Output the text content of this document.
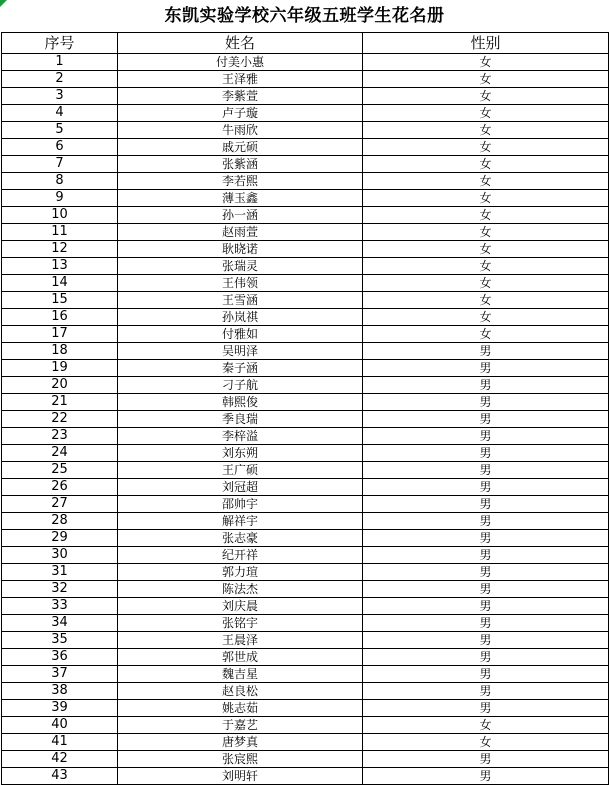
东凯实验学校六年级五班学生花名册
序号	姓名	性别
1	付美小惠	女
2	王泽雅	女
3	李紫萱	女
4	卢子璇	女
5	牛雨欣	女
6	戚元硕	女
7	张紫涵	女
8	李若熙	女
9	薄玉鑫	女
10	孙一涵	女
11	赵雨萱	女
12	耿晓诺	女
13	张瑞灵	女
14	王伟领	女
15	王雪涵	女
16	孙岚祺	女
17	付雅如	女
18	吴明泽	男
19	秦子涵	男
20	刁子航	男
21	韩熙俊	男
22	季良瑞	男
23	李梓溢	男
24	刘东朔	男
25	王广硕	男
26	刘冠超	男
27	邵帅宇	男
28	解祥宇	男
29	张志豪	男
30	纪开祥	男
31	郭力瑄	男
32	陈法杰	男
33	刘庆晨	男
34	张铭宇	男
35	王晨泽	男
36	郭世成	男
37	魏吉星	男
38	赵良松	男
39	姚志茹	男
40	于嘉艺	女
41	唐梦真	女
42	张宸熙	男
43	刘明轩	男
